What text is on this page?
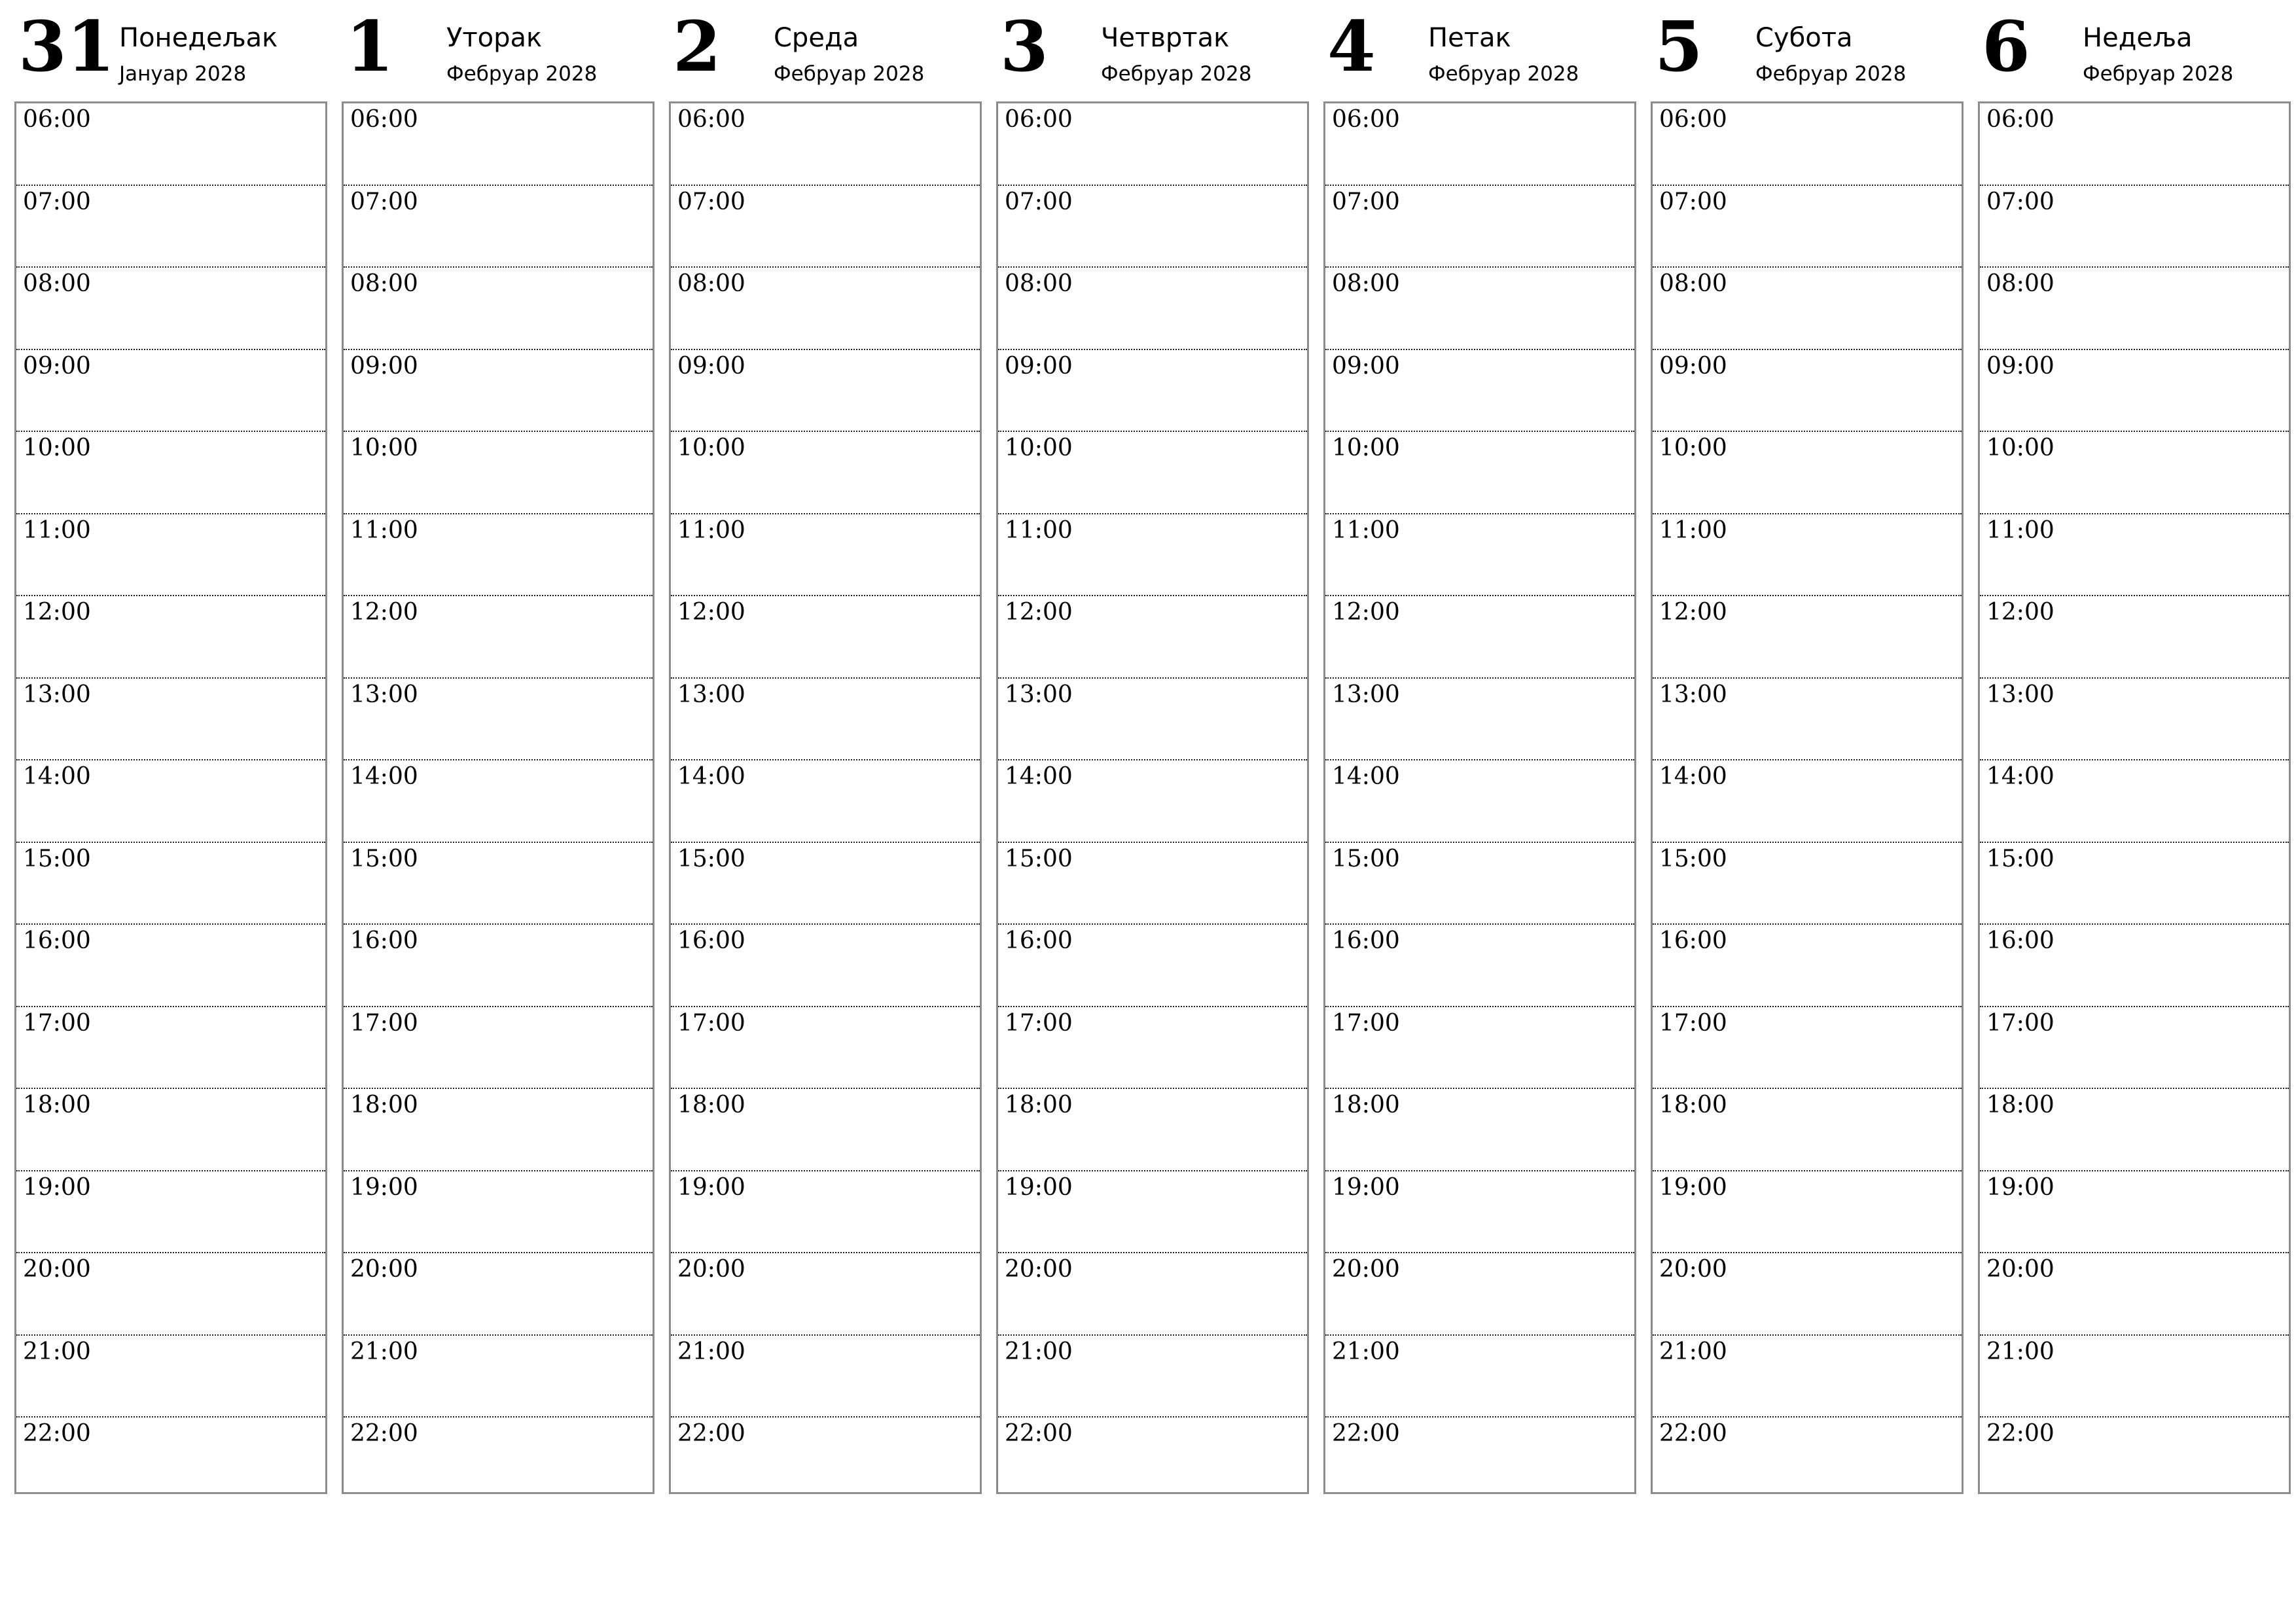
31 Понедељак
Јануар 2028
06:00
07:00
08:00
09:00
10:00
11:00
12:00
13:00
14:00
15:00
16:00
17:00
18:00
19:00
20:00
21:00
22:00
1 Уторак
Фебруар 2028
06:00
07:00
08:00
09:00
10:00
11:00
12:00
13:00
14:00
15:00
16:00
17:00
18:00
19:00
20:00
21:00
22:00
2 Среда
Фебруар 2028
06:00
07:00
08:00
09:00
10:00
11:00
12:00
13:00
14:00
15:00
16:00
17:00
18:00
19:00
20:00
21:00
22:00
3 Четвртак
Фебруар 2028
06:00
07:00
08:00
09:00
10:00
11:00
12:00
13:00
14:00
15:00
16:00
17:00
18:00
19:00
20:00
21:00
22:00
4 Петак
Фебруар 2028
06:00
07:00
08:00
09:00
10:00
11:00
12:00
13:00
14:00
15:00
16:00
17:00
18:00
19:00
20:00
21:00
22:00
5 Субота
Фебруар 2028
06:00
07:00
08:00
09:00
10:00
11:00
12:00
13:00
14:00
15:00
16:00
17:00
18:00
19:00
20:00
21:00
22:00
6 Недеља
Фебруар 2028
06:00
07:00
08:00
09:00
10:00
11:00
12:00
13:00
14:00
15:00
16:00
17:00
18:00
19:00
20:00
21:00
22:00
